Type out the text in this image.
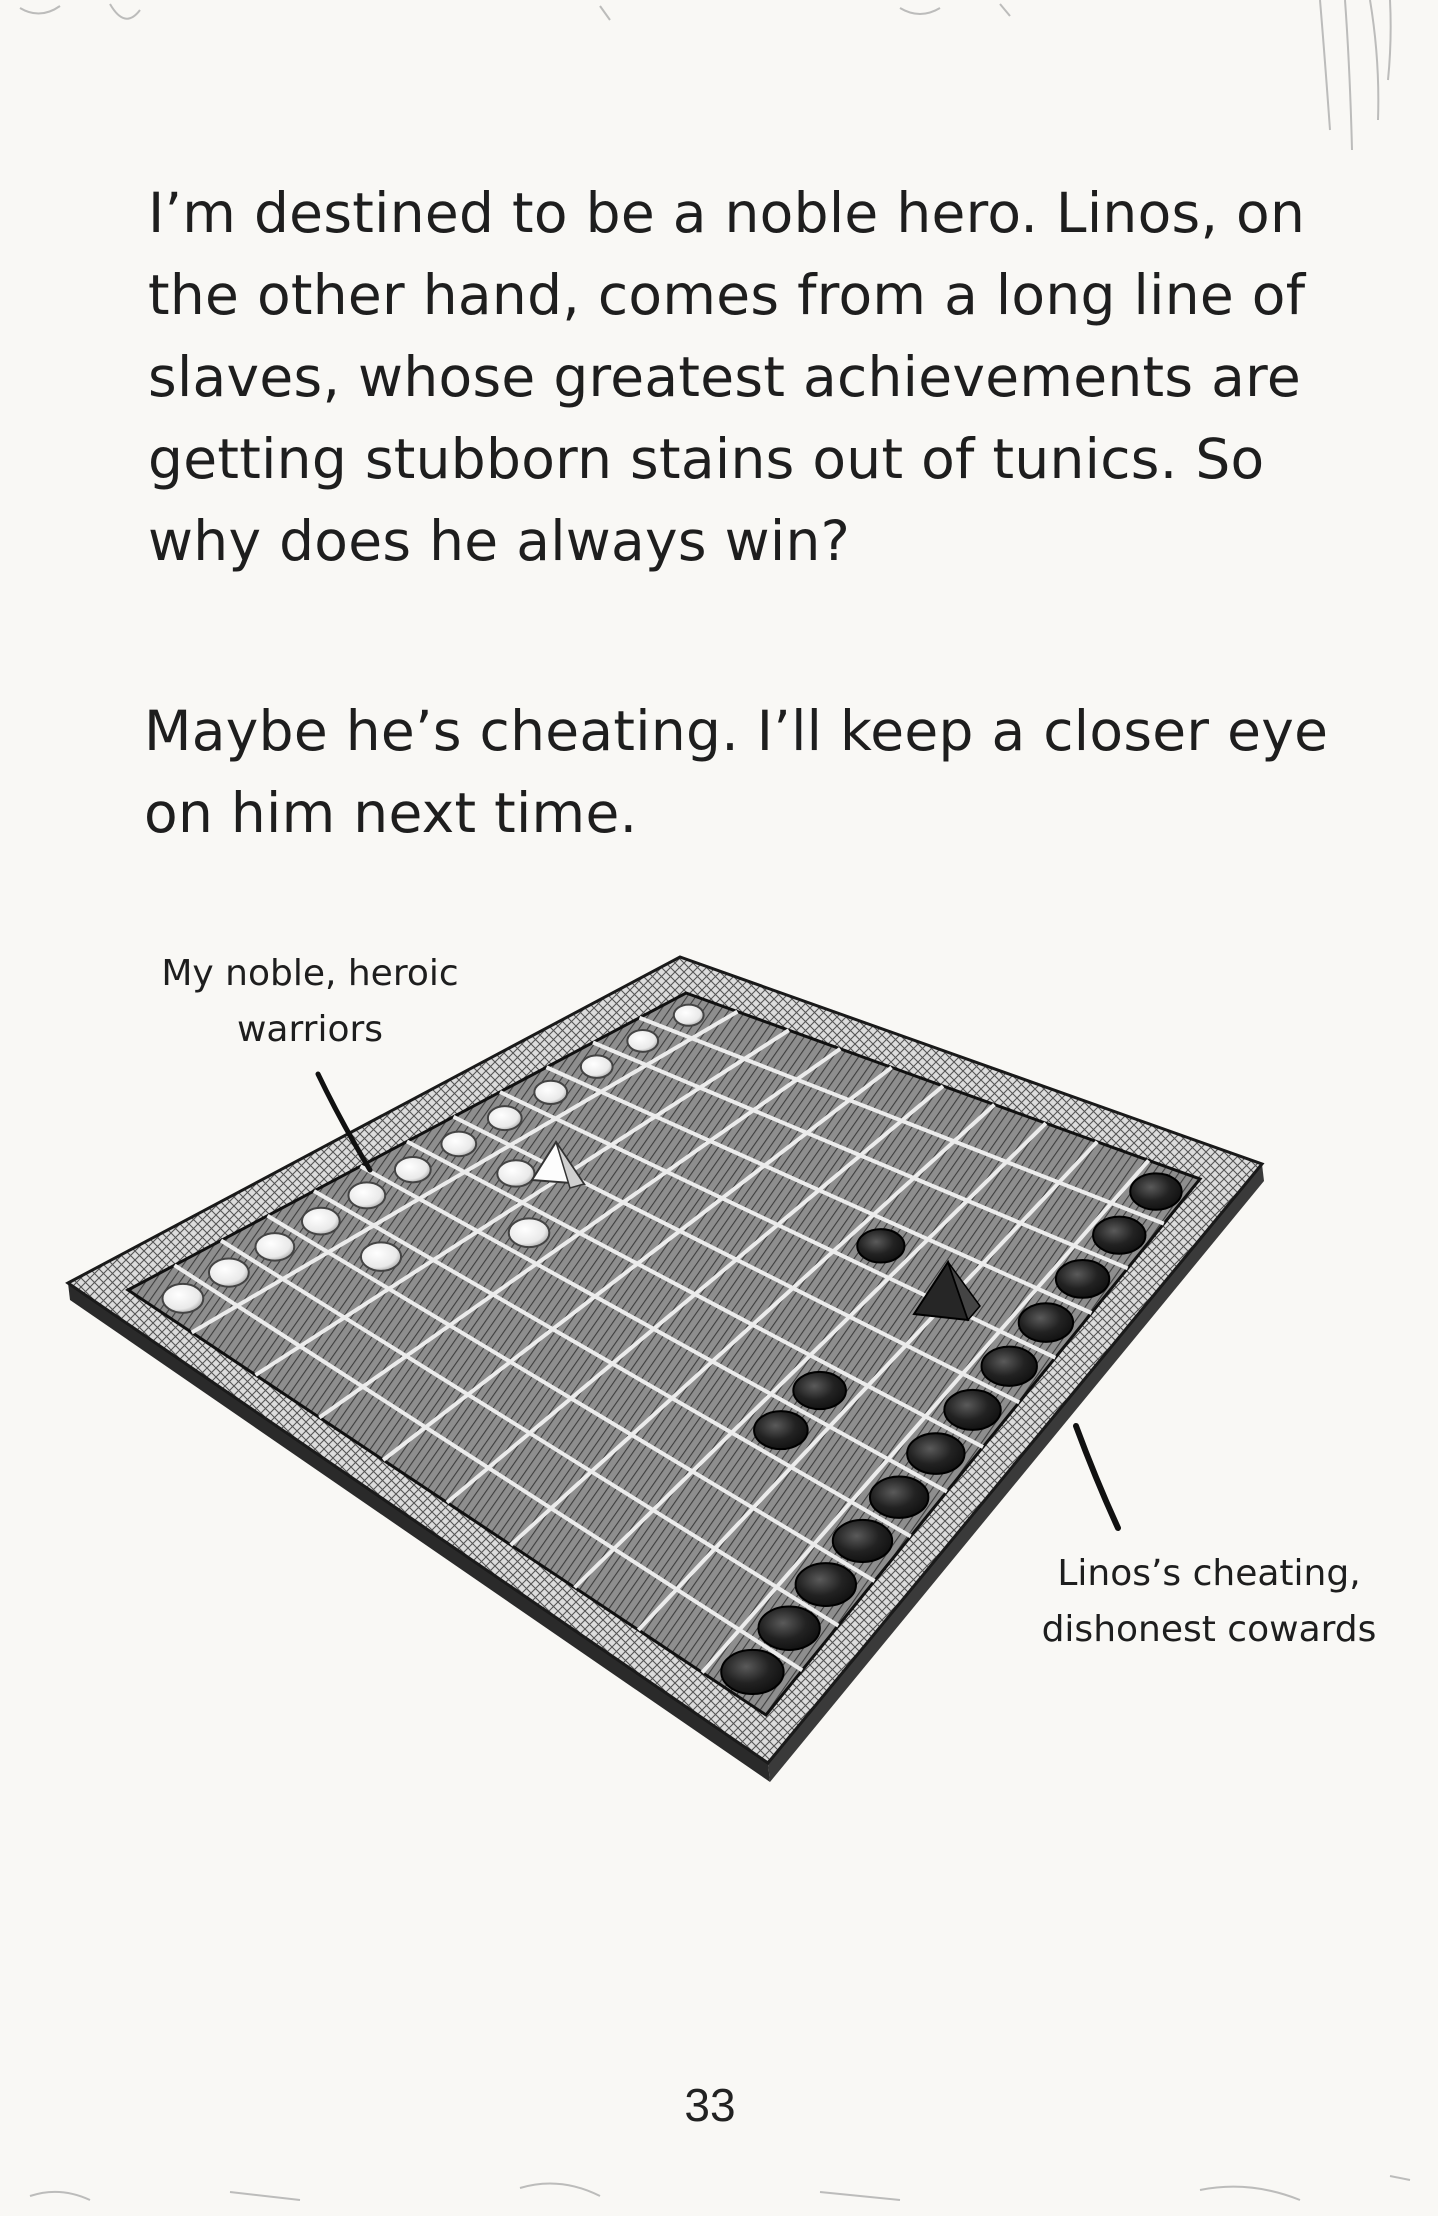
I’m destined to be a noble hero. Linos, on
the other hand, comes from a long line of
slaves, whose greatest achievements are
getting stubborn stains out of tunics. So
why does he always win?

Maybe he’s cheating. I’ll keep a closer eye
on him next time.

My noble, heroic
warriors
Linos’s cheating,
dishonest cowards
33
